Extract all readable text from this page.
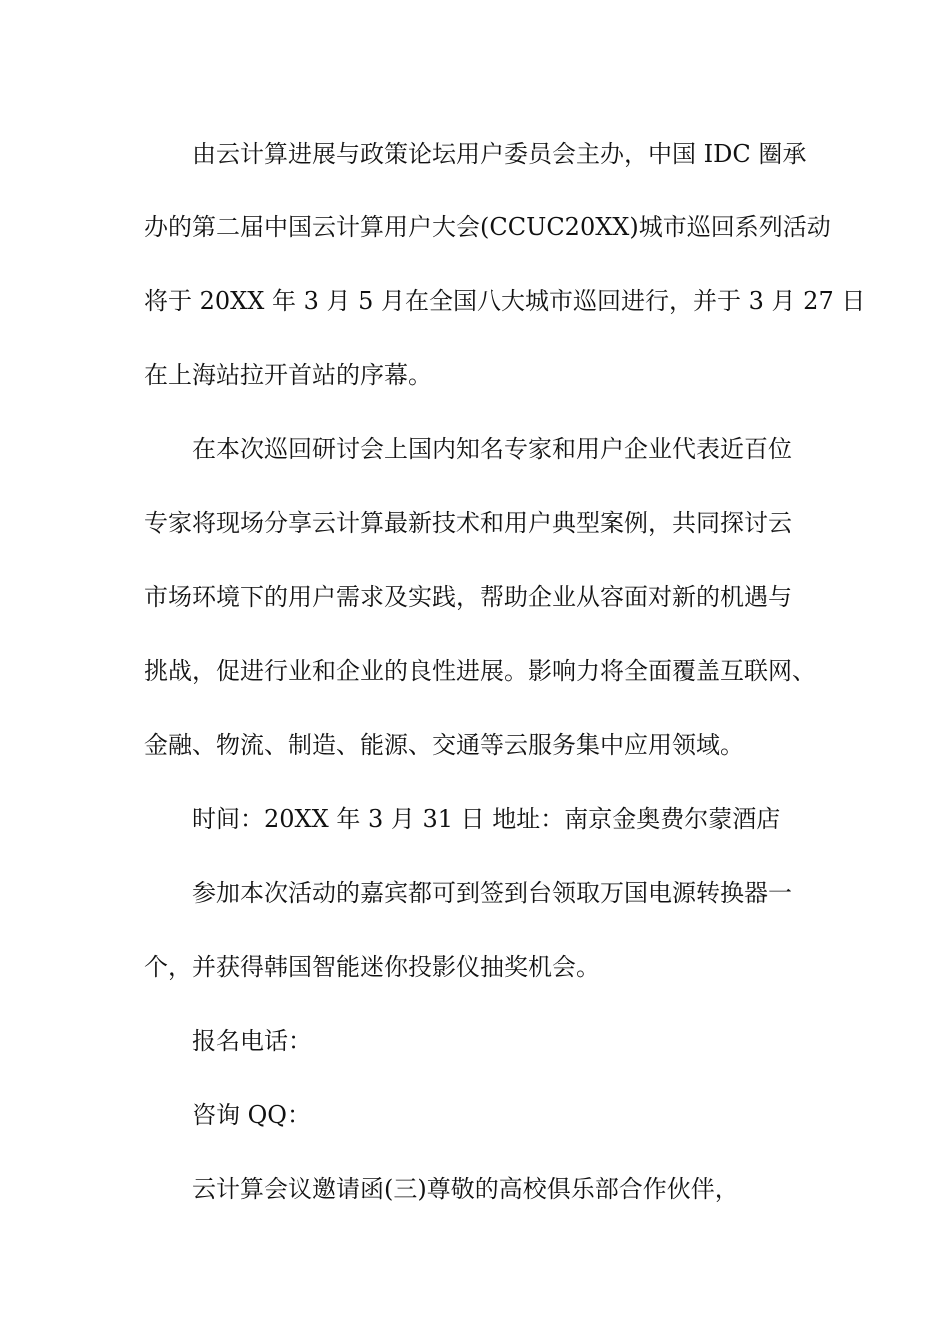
由云计算进展与政策论坛用户委员会主办，中国 IDC 圈承
办的第二届中国云计算用户大会(CCUC20XX)城市巡回系列活动
将于 20XX 年 3 月 5 月在全国八大城市巡回进行，并于 3 月 27 日
在上海站拉开首站的序幕。
在本次巡回研讨会上国内知名专家和用户企业代表近百位
专家将现场分享云计算最新技术和用户典型案例，共同探讨云
市场环境下的用户需求及实践，帮助企业从容面对新的机遇与
挑战，促进行业和企业的良性进展。影响力将全面覆盖互联网、
金融、物流、制造、能源、交通等云服务集中应用领域。
时间：20XX 年 3 月 31 日 地址：南京金奥费尔蒙酒店
参加本次活动的嘉宾都可到签到台领取万国电源转换器一
个，并获得韩国智能迷你投影仪抽奖机会。
报名电话：
咨询 QQ：
云计算会议邀请函(三)尊敬的高校俱乐部合作伙伴，
